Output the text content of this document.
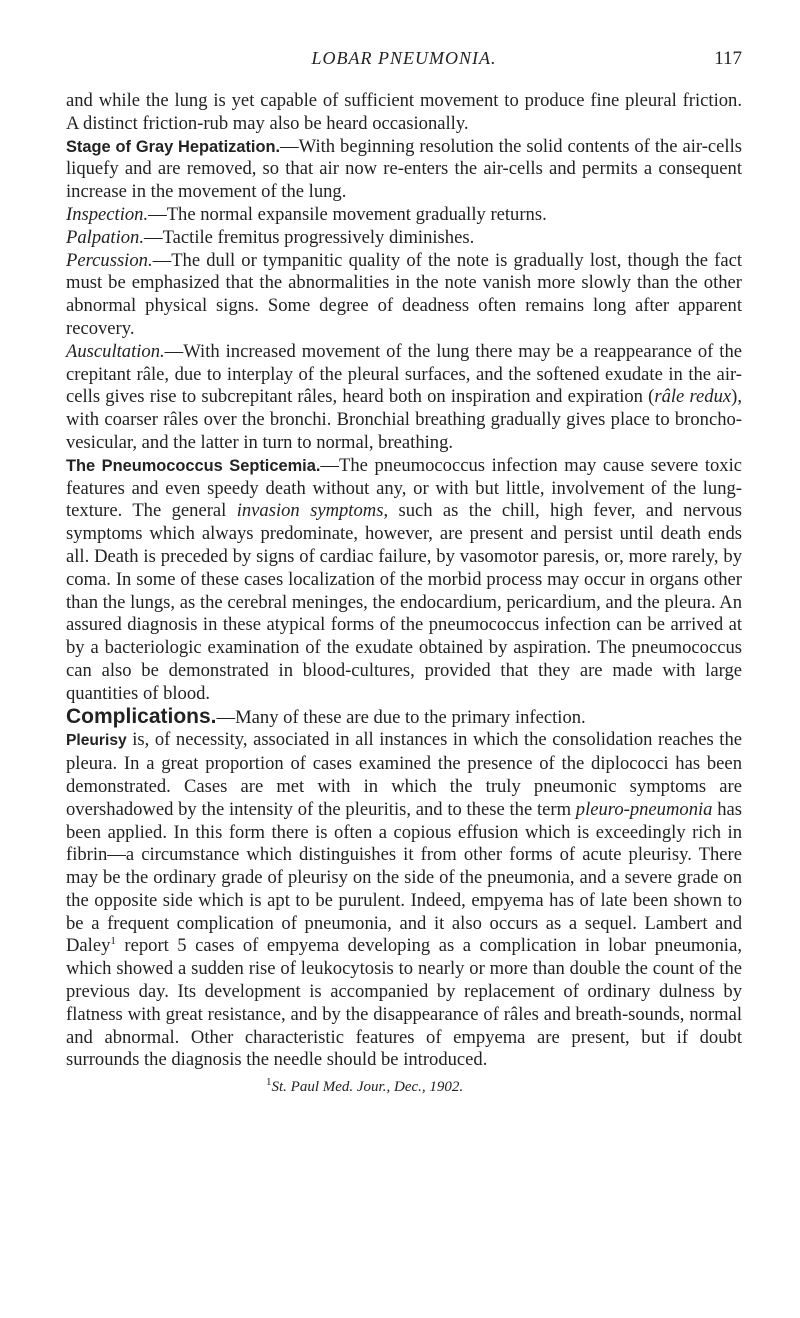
LOBAR PNEUMONIA.	117

and while the lung is yet capable of sufficient movement to produce fine pleural friction. A distinct friction-rub may also be heard occasionally.

Stage of Gray Hepatization.—With beginning resolution the solid contents of the air-cells liquefy and are removed, so that air now re-enters the air-cells and permits a consequent increase in the movement of the lung.

Inspection.—The normal expansile movement gradually returns.

Palpation.—Tactile fremitus progressively diminishes.

Percussion.—The dull or tympanitic quality of the note is gradually lost, though the fact must be emphasized that the abnormalities in the note vanish more slowly than the other abnormal physical signs. Some degree of deadness often remains long after apparent recovery.

Auscultation.—With increased movement of the lung there may be a reappearance of the crepitant râle, due to interplay of the pleural surfaces, and the softened exudate in the air-cells gives rise to subcrepitant râles, heard both on inspiration and expiration (râle redux), with coarser râles over the bronchi. Bronchial breathing gradually gives place to broncho-vesicular, and the latter in turn to normal, breathing.

The Pneumococcus Septicemia.—The pneumococcus infection may cause severe toxic features and even speedy death without any, or with but little, involvement of the lung-texture. The general invasion symptoms, such as the chill, high fever, and nervous symptoms which always predominate, however, are present and persist until death ends all. Death is preceded by signs of cardiac failure, by vasomotor paresis, or, more rarely, by coma. In some of these cases localization of the morbid process may occur in organs other than the lungs, as the cerebral meninges, the endocardium, pericardium, and the pleura. An assured diagnosis in these atypical forms of the pneumococcus infection can be arrived at by a bacteriologic examination of the exudate obtained by aspiration. The pneumococcus can also be demonstrated in blood-cultures, provided that they are made with large quantities of blood.

Complications.—Many of these are due to the primary infection.

Pleurisy is, of necessity, associated in all instances in which the consolidation reaches the pleura. In a great proportion of cases examined the presence of the diplococci has been demonstrated. Cases are met with in which the truly pneumonic symptoms are overshadowed by the intensity of the pleuritis, and to these the term pleuro-pneumonia has been applied. In this form there is often a copious effusion which is exceedingly rich in fibrin—a circumstance which distinguishes it from other forms of acute pleurisy. There may be the ordinary grade of pleurisy on the side of the pneumonia, and a severe grade on the opposite side which is apt to be purulent. Indeed, empyema has of late been shown to be a frequent complication of pneumonia, and it also occurs as a sequel. Lambert and Daley$^1$ report 5 cases of empyema developing as a complication in lobar pneumonia, which showed a sudden rise of leukocytosis to nearly or more than double the count of the previous day. Its development is accompanied by replacement of ordinary dulness by flatness with great resistance, and by the disappearance of râles and breath-sounds, normal and abnormal. Other characteristic features of empyema are present, but if doubt surrounds the diagnosis the needle should be introduced.

$^1$St. Paul Med. Jour., Dec., 1902.
